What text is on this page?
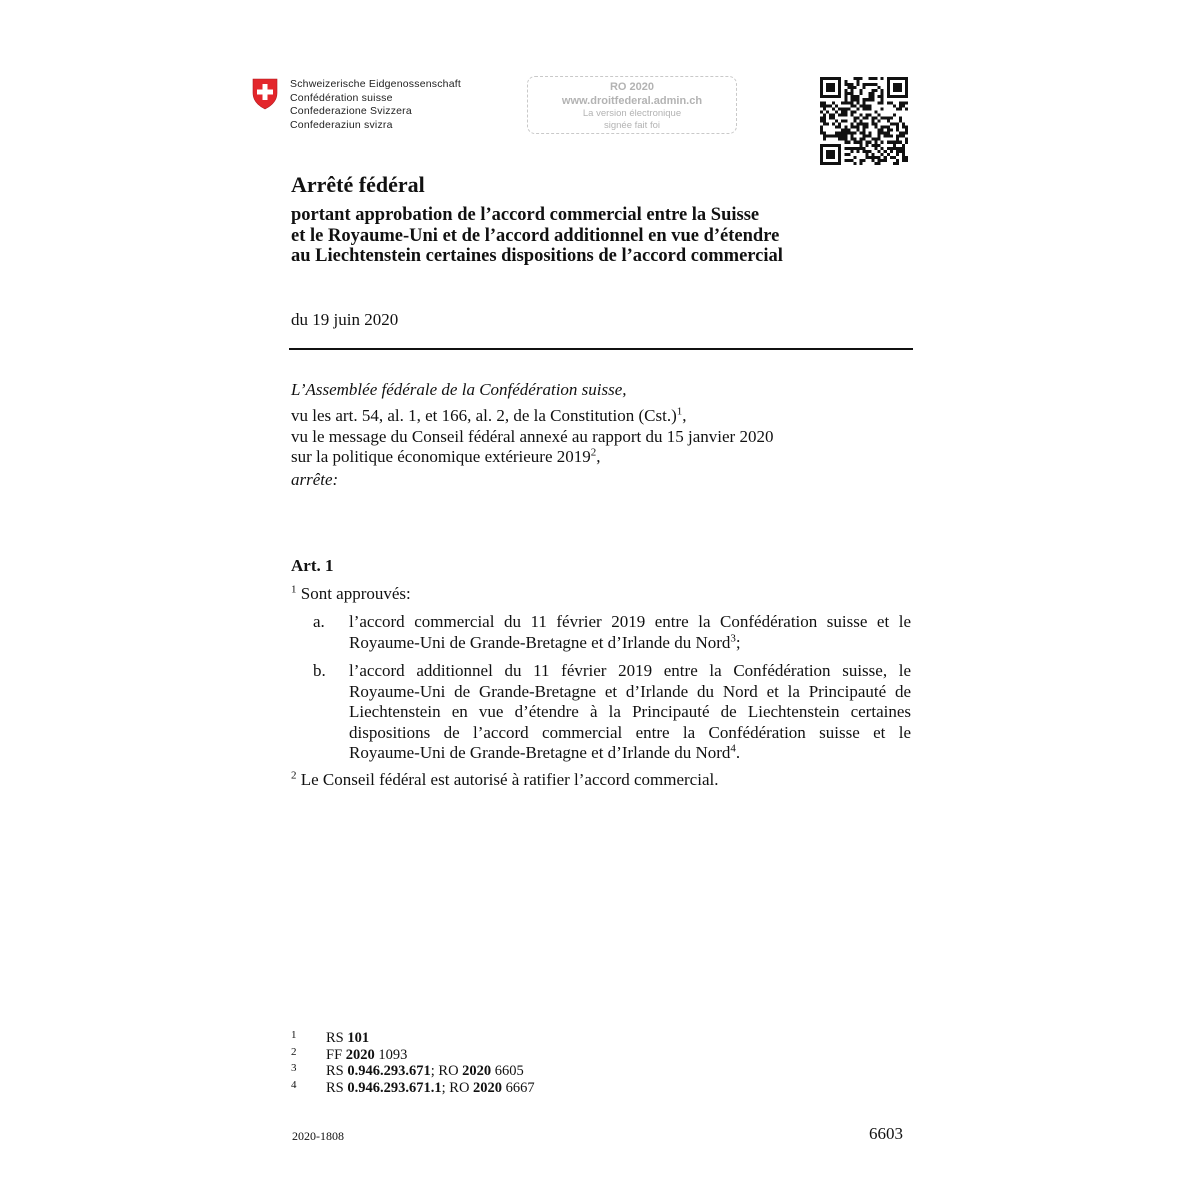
Schweizerische Eidgenossenschaft
Confédération suisse
Confederazione Svizzera
Confederaziun svizra
RO 2020
www.droitfederal.admin.ch
La version électronique
signée fait foi
Arrêté fédéral
portant approbation de l’accord commercial entre la Suisse
et le Royaume-Uni et de l’accord additionnel en vue d’étendre
au Liechtenstein certaines dispositions de l’accord commercial
du 19 juin 2020
L’Assemblée fédérale de la Confédération suisse,
vu les art. 54, al. 1, et 166, al. 2, de la Constitution $(Cst.)^1$,
vu le message du Conseil fédéral annexé au rapport du 15 janvier 2020
sur la politique économique extérieure 2019$^2$,
arrête:
Art. 1
$^1$ Sont approuvés:
a. l’accord commercial du 11 février 2019 entre la Confédération suisse et le
Royaume-Uni de Grande-Bretagne et d’Irlande du Nord$^3$;
b. l’accord additionnel du 11 février 2019 entre la Confédération suisse, le
Royaume-Uni de Grande-Bretagne et d’Irlande du Nord et la Principauté de
Liechtenstein en vue d’étendre à la Principauté de Liechtenstein certaines
dispositions de l’accord commercial entre la Confédération suisse et le
Royaume-Uni de Grande-Bretagne et d’Irlande du Nord$^4$.
$^2$ Le Conseil fédéral est autorisé à ratifier l’accord commercial.
1 RS 101
2 FF 2020 1093
3 RS 0.946.293.671; RO 2020 6605
4 RS 0.946.293.671.1; RO 2020 6667
2020-1808	6603
